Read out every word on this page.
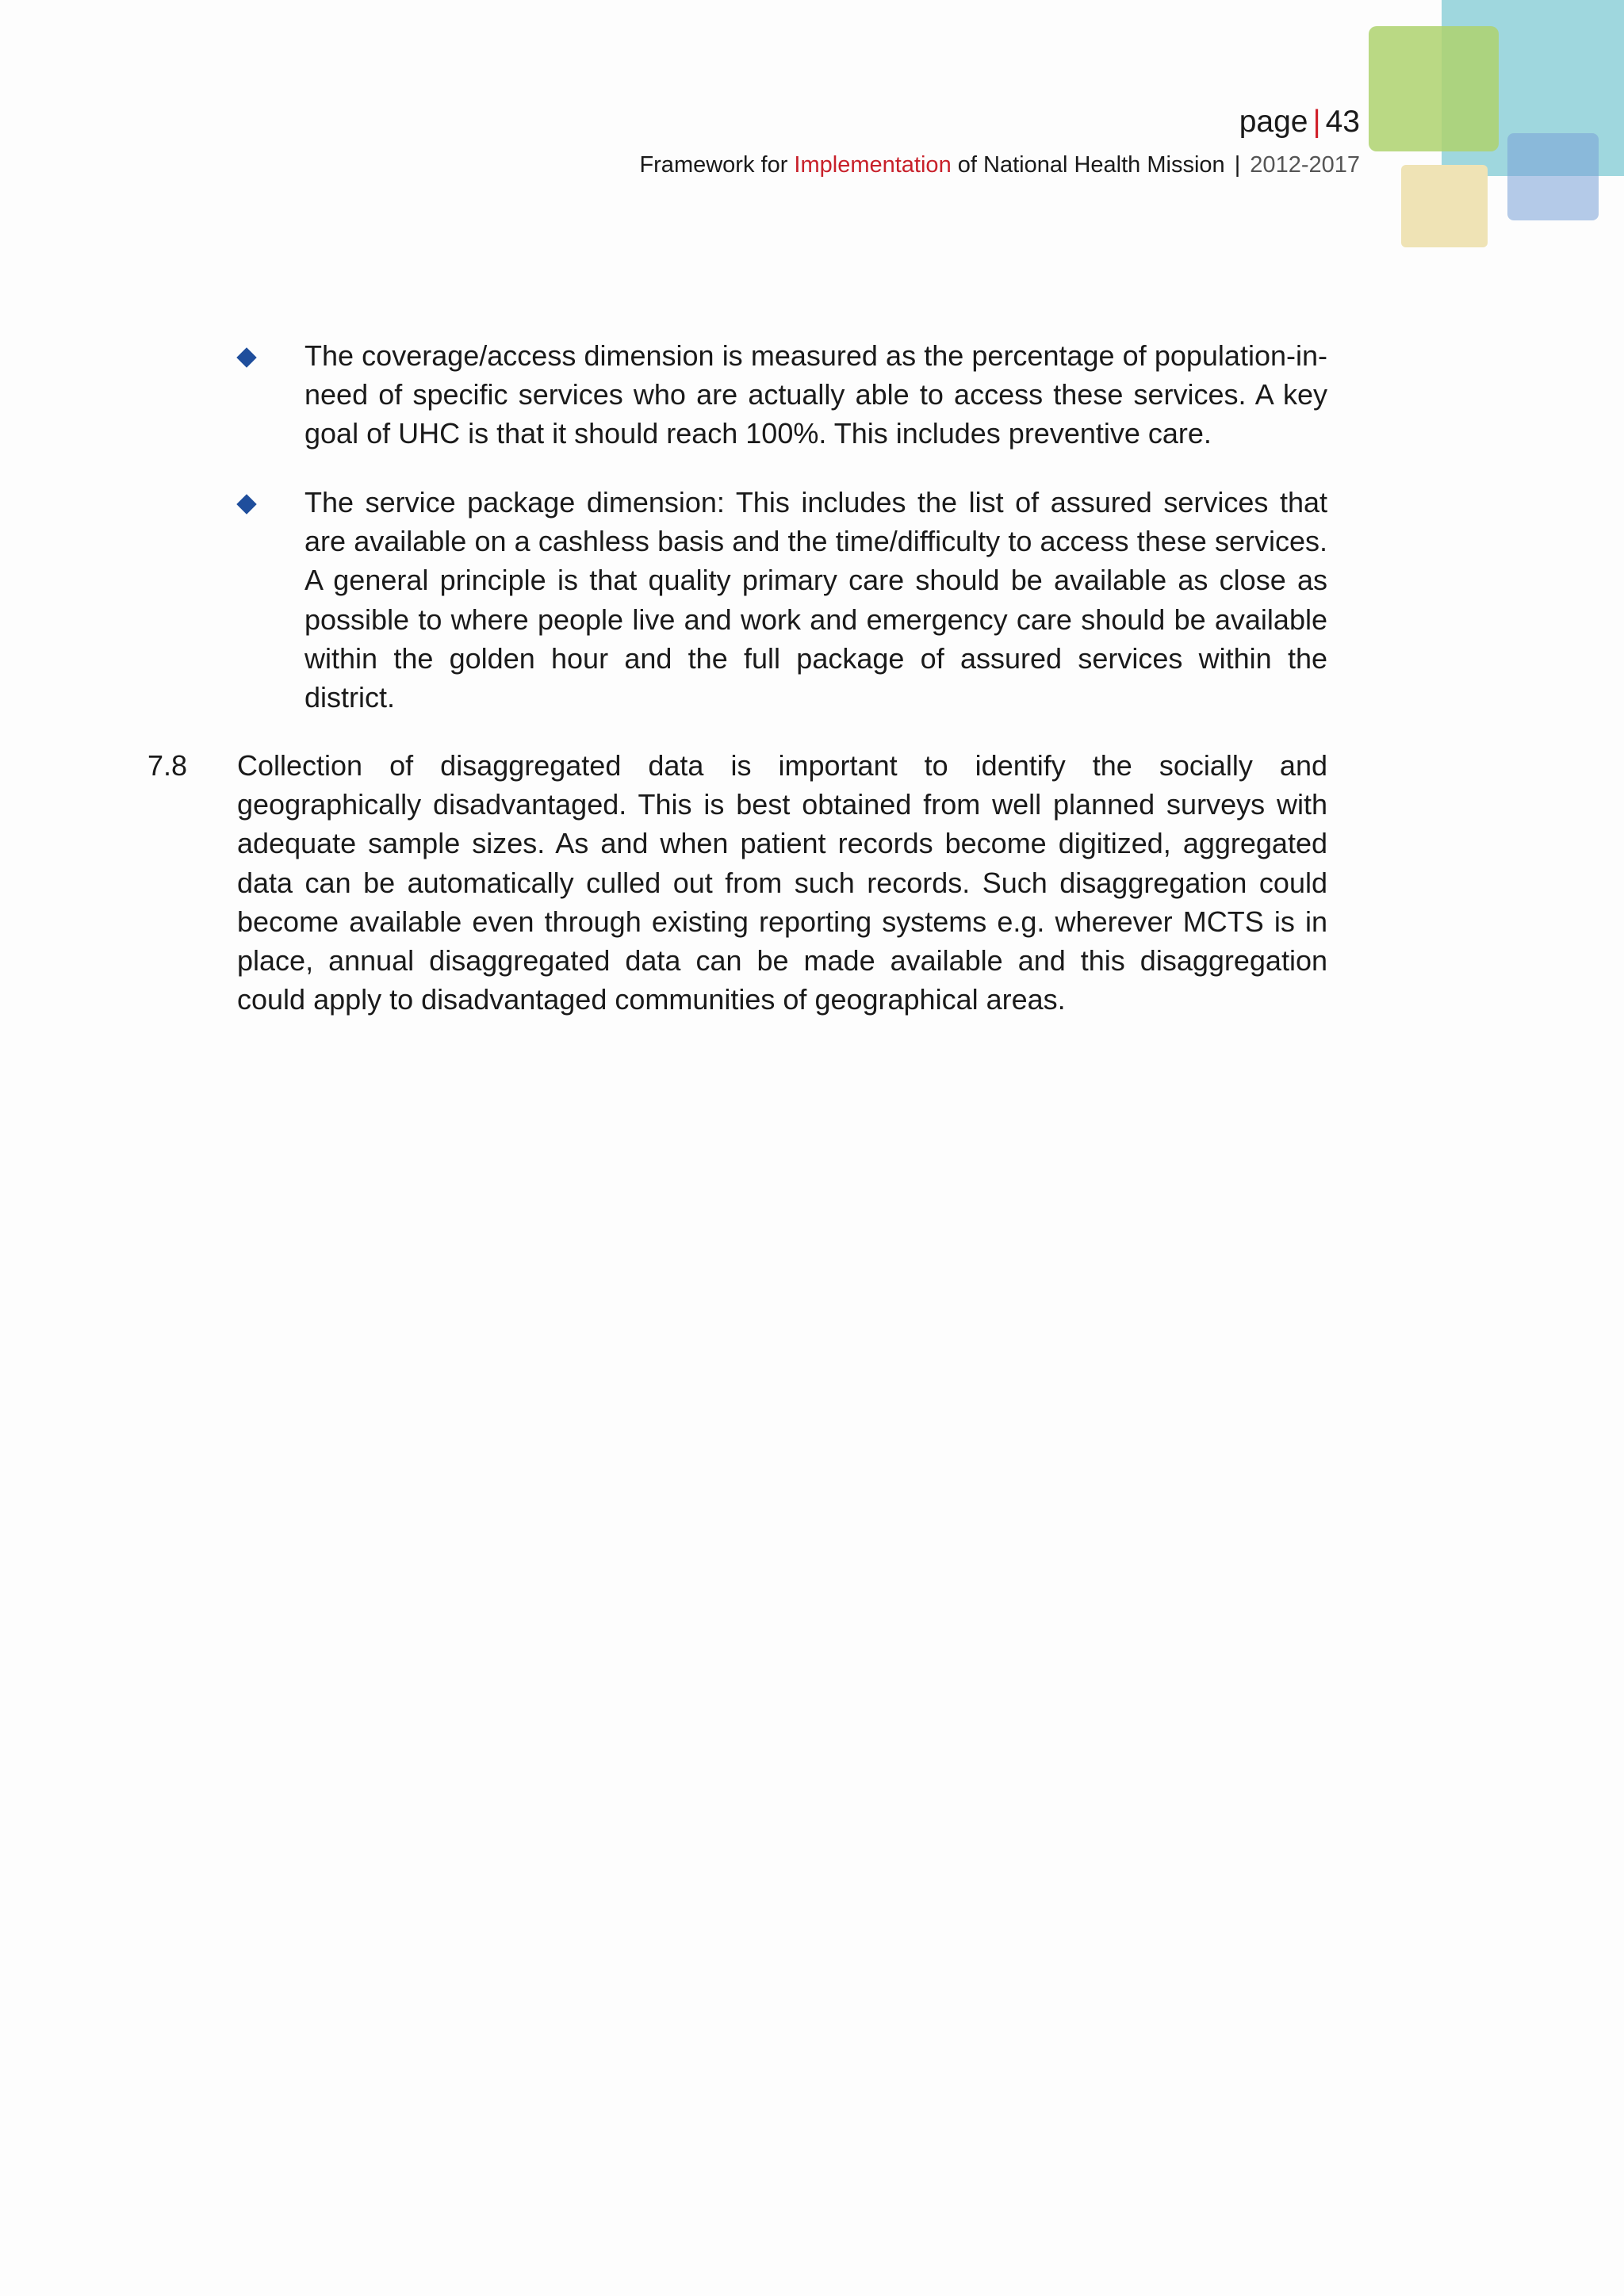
page | 43
Framework for Implementation of National Health Mission | 2012-2017
The coverage/access dimension is measured as the percentage of population-in-need of specific services who are actually able to access these services. A key goal of UHC is that it should reach 100%. This includes preventive care.
The service package dimension: This includes the list of assured services that are available on a cashless basis and the time/difficulty to access these services. A general principle is that quality primary care should be available as close as possible to where people live and work and emergency care should be available within the golden hour and the full package of assured services within the district.
7.8 Collection of disaggregated data is important to identify the socially and geographically disadvantaged. This is best obtained from well planned surveys with adequate sample sizes. As and when patient records become digitized, aggregated data can be automatically culled out from such records. Such disaggregation could become available even through existing reporting systems e.g. wherever MCTS is in place, annual disaggregated data can be made available and this disaggregation could apply to disadvantaged communities of geographical areas.
